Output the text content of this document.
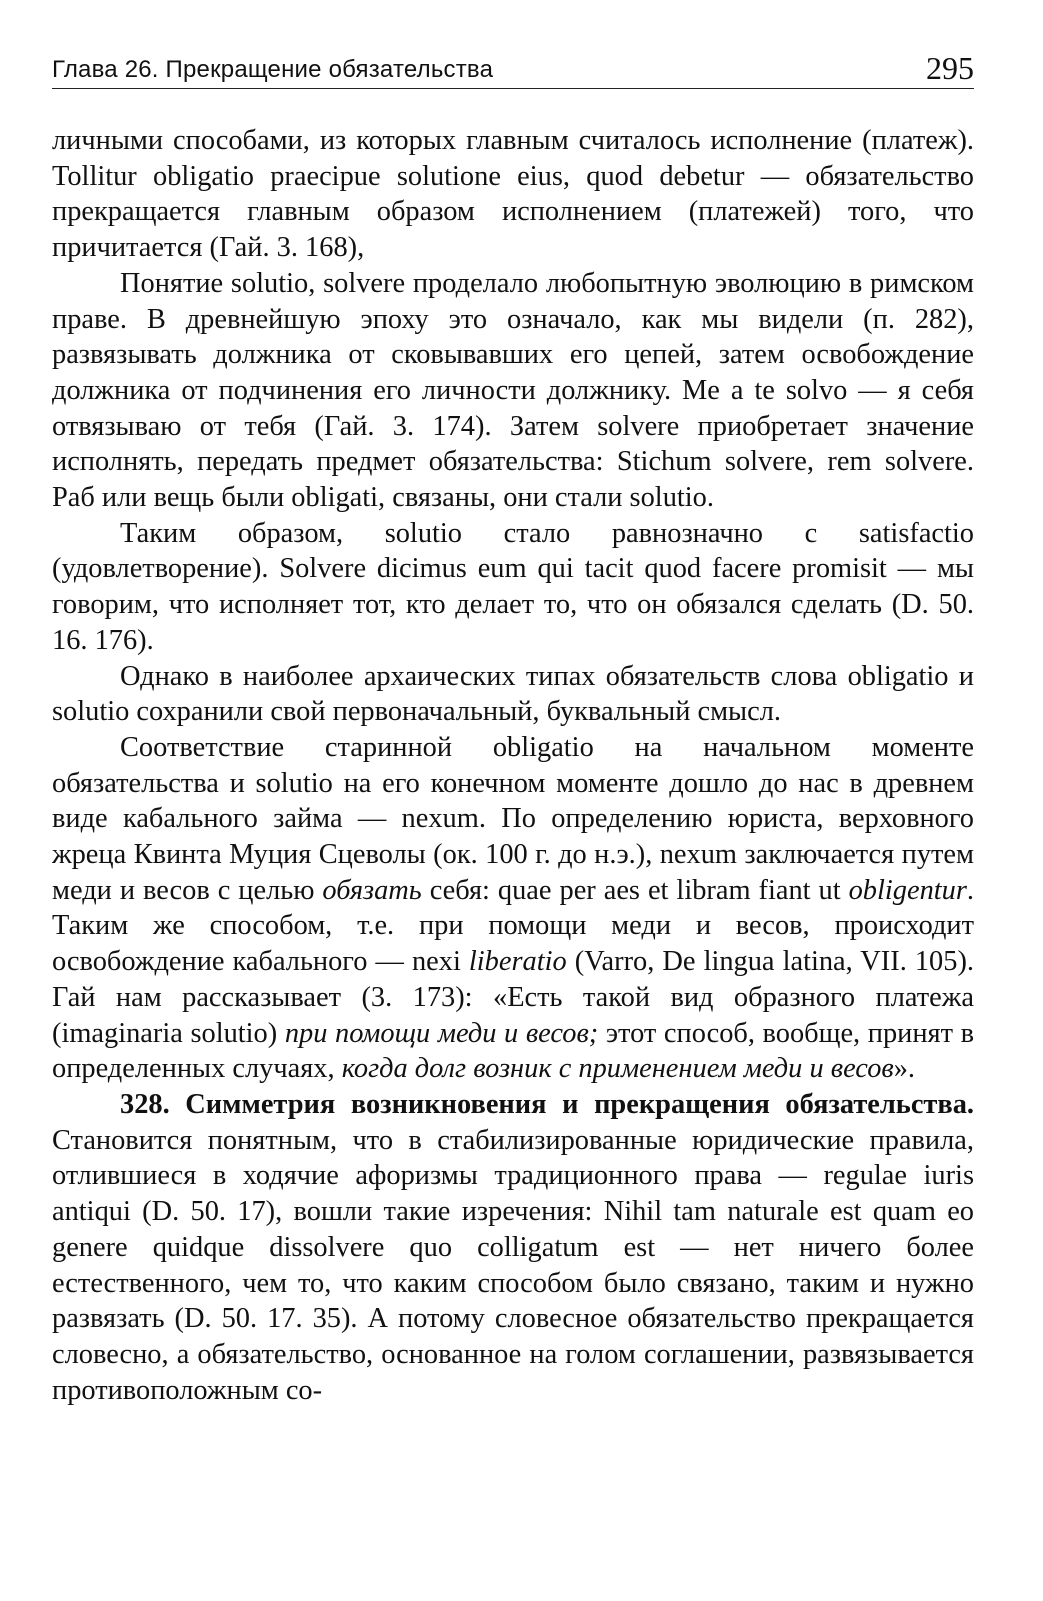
Глава 26. Прекращение обязательства	295

личными способами, из которых главным считалось исполнение (платеж). Tollitur obligatio praecipue solutione eius, quod debetur — обязательство прекращается главным образом исполнением (платежей) того, что причитается (Гай. 3. 168),

Понятие solutio, solvere проделало любопытную эволюцию в римском праве. В древнейшую эпоху это означало, как мы видели (п. 282), развязывать должника от сковывавших его цепей, затем освобождение должника от подчинения его личности должнику. Me a te solvo — я себя отвязываю от тебя (Гай. 3. 174). Затем solvere приобретает значение исполнять, передать предмет обязательства: Stichum solvere, rem solvere. Раб или вещь были obligati, связаны, они стали solutio.

Таким образом, solutio стало равнозначно с satisfactio (удовлетворение). Solvere dicimus eum qui tacit quod facere promisit — мы говорим, что исполняет тот, кто делает то, что он обязался сделать (D. 50. 16. 176).

Однако в наиболее архаических типах обязательств слова obligatio и solutio сохранили свой первоначальный, буквальный смысл.

Соответствие старинной obligatio на начальном моменте обязательства и solutio на его конечном моменте дошло до нас в древнем виде кабального займа — nexum. По определению юриста, верховного жреца Квинта Муция Сцеволы (ок. 100 г. до н.э.), nexum заключается путем меди и весов с целью обязать себя: quae per aes et libram fiant ut obligentur. Таким же способом, т.е. при помощи меди и весов, происходит освобождение кабального — nexi liberatio (Varro, De lingua latina, VII. 105). Гай нам рассказывает (3. 173): «Есть такой вид образного платежа (imaginaria solutio) при помощи меди и весов; этот способ, вообще, принят в определенных случаях, когда долг возник с применением меди и весов».

328. Симметрия возникновения и прекращения обязательства. Становится понятным, что в стабилизированные юридические правила, отлившиеся в ходячие афоризмы традиционного права — regulae iuris antiqui (D. 50. 17), вошли такие изречения: Nihil tam naturale est quam eo genere quidque dissolvere quo colligatum est — нет ничего более естественного, чем то, что каким способом было связано, таким и нужно развязать (D. 50. 17. 35). А потому словесное обязательство прекращается словесно, а обязательство, основанное на голом соглашении, развязывается противоположным со-
